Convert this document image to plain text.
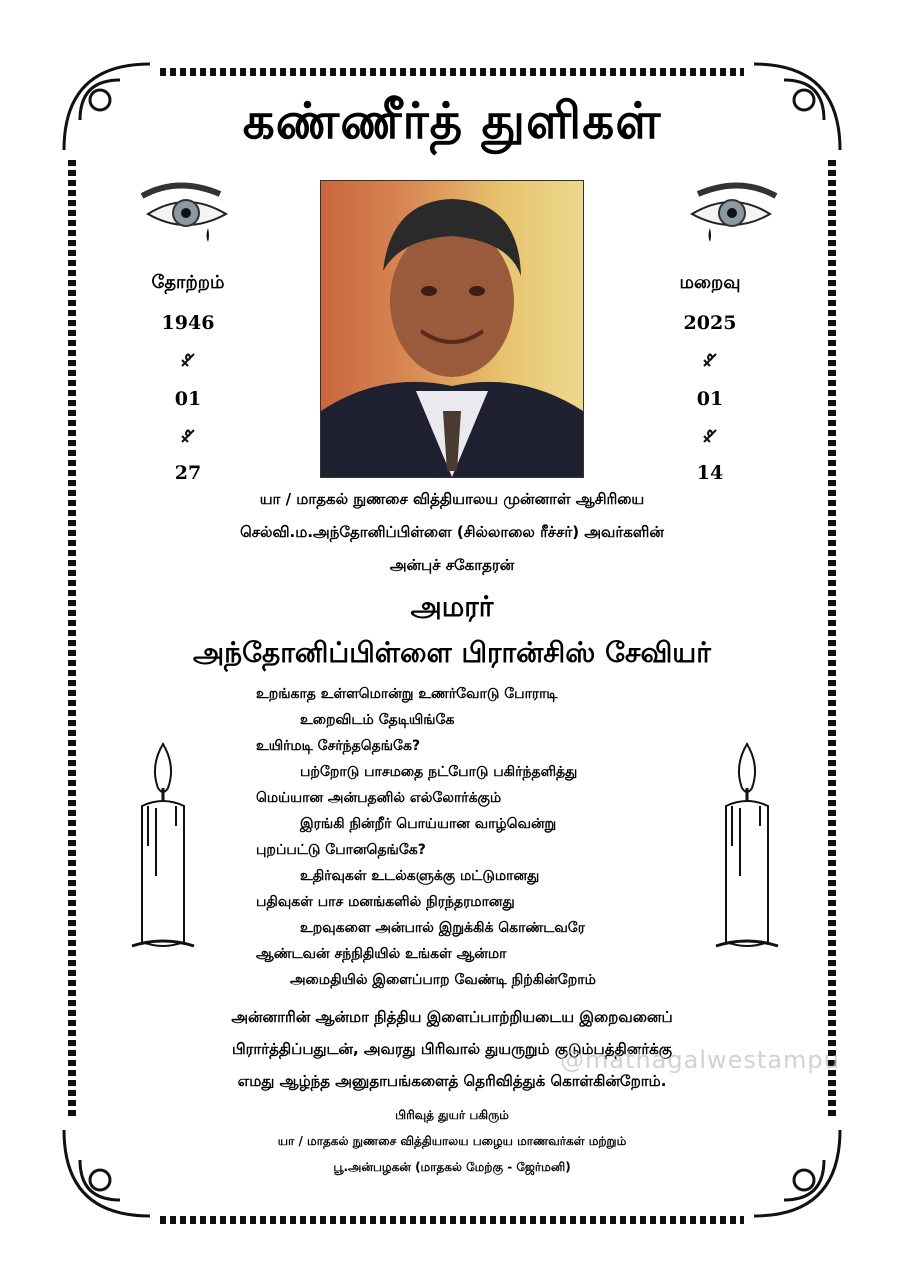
கண்ணீர்த் துளிகள்
தோற்றம்
1946
01
27
மறைவு
2025
01
14
யா / மாதகல் நுணசை வித்தியாலய முன்னாள் ஆசிரியை
செல்வி.ம.அந்தோனிப்பிள்ளை (சில்லாலை ரீச்சர்) அவர்களின்
அன்புச் சகோதரன்
அமரர்
அந்தோனிப்பிள்ளை பிரான்சிஸ் சேவியர்
உறங்காத உள்ளமொன்று உணர்வோடு போராடி
உறைவிடம் தேடியிங்கே
உயிர்மடி சேர்ந்ததெங்கே?
பற்றோடு பாசமதை நட்போடு பகிர்ந்தளித்து
மெய்யான அன்பதனில் எல்லோர்க்கும்
இரங்கி நின்றீர் பொய்யான வாழ்வென்று
புறப்பட்டு போனதெங்கே?
உதிர்வுகள் உடல்களுக்கு மட்டுமானது
பதிவுகள் பாச மனங்களில் நிரந்தரமானது
உறவுகளை அன்பால் இறுக்கிக் கொண்டவரே
ஆண்டவன் சந்நிதியில் உங்கள் ஆன்மா
அமைதியில் இளைப்பாற வேண்டி நிற்கின்றோம்
அன்னாரின் ஆன்மா நித்திய இளைப்பாற்றியடைய இறைவனைப்
பிரார்த்திப்பதுடன், அவரது பிரிவால் துயருறும் குடும்பத்தினர்க்கு
எமது ஆழ்ந்த அனுதாபங்களைத் தெரிவித்துக் கொள்கின்றோம்.
@mathagalwestampu
பிரிவுத் துயர் பகிரும்
யா / மாதகல் நுணசை வித்தியாலய பழைய மாணவர்கள் மற்றும்
பூ.அன்பழகன் (மாதகல் மேற்கு - ஜேர்மனி)
